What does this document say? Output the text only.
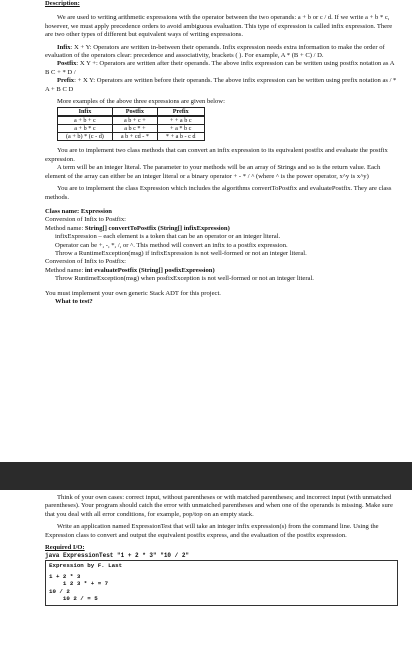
Description:

We are used to writing arithmetic expressions with the operator between the two operands: a + b or c / d. If we write a + b * c, however, we must apply precedence orders to avoid ambiguous evaluation. This type of expression is called infix expression. There are two other types of different but equivalent ways of writing expressions.

Infix: X + Y: Operators are written in-between their operands. Infix expression needs extra information to make the order of evaluation of the operators clear: precedence and associativity, brackets ( ). For example, A * (B + C) / D.

Postfix: X Y +: Operators are written after their operands. The above infix expression can be written using postfix notation as A B C + * D /

Prefix: + X Y: Operators are written before their operands. The above infix expression can be written using prefix notation as / * A + B C D

More examples of the above three expressions are given below:

Infix	Postfix	Prefix
a + b + c	a b + c +	+ + a b c
a + b * c	a b c * +	+ a * b c
(a + b) * (c - d)	a b + cd - *	* + a b - c d

You are to implement two class methods that can convert an infix expression to its equivalent postfix and evaluate the postfix expression.

A term will be an integer literal. The parameter to your methods will be an array of Strings and so is the return value. Each element of the array can either be an integer literal or a binary operator + - * / ^ (where ^ is the power operator, x^y is x^y)

You are to implement the class Expression which includes the algorithms convertToPostfix and evaluatePostfix. They are class methods.

Class name: Expression

Conversion of Infix to Postfix:

Method name: String[] convertToPostfix (String[] infixExpression)

infixExpression – each element is a token that can be an operator or an integer literal.

Operator can be +, -, *, /, or ^. This method will convert an infix to a postfix expression.

Throw a RuntimeException(msg) if infixExpression is not well-formed or not an integer literal.

Conversion of Infix to Postfix:

Method name: int evaluatePostfix (String[] posfixExpression)

Throw RuntimeException(msg) when posfixException is not well-formed or not an integer literal.

You must implement your own generic Stack ADT for this project.

What to test?

Think of your own cases: correct input, without parentheses or with matched parentheses; and incorrect input (with unmatched parentheses). Your program should catch the error with unmatched parentheses and when one of the operands is missing. Make sure that you deal with all error conditions, for example, pop/top on an empty stack.

Write an application named ExpressionTest that will take an integer infix expression(s) from the command line. Using the Expression class to convert and output the equivalent postfix express, and the evaluation of the postfix expression.

Required I/O:

java ExpressionTest "1 + 2 * 3" "10 / 2"
Expression by F. Last
1 + 2 * 3
1 2 3 * + = 7
10 / 2
10 2 / = 5
